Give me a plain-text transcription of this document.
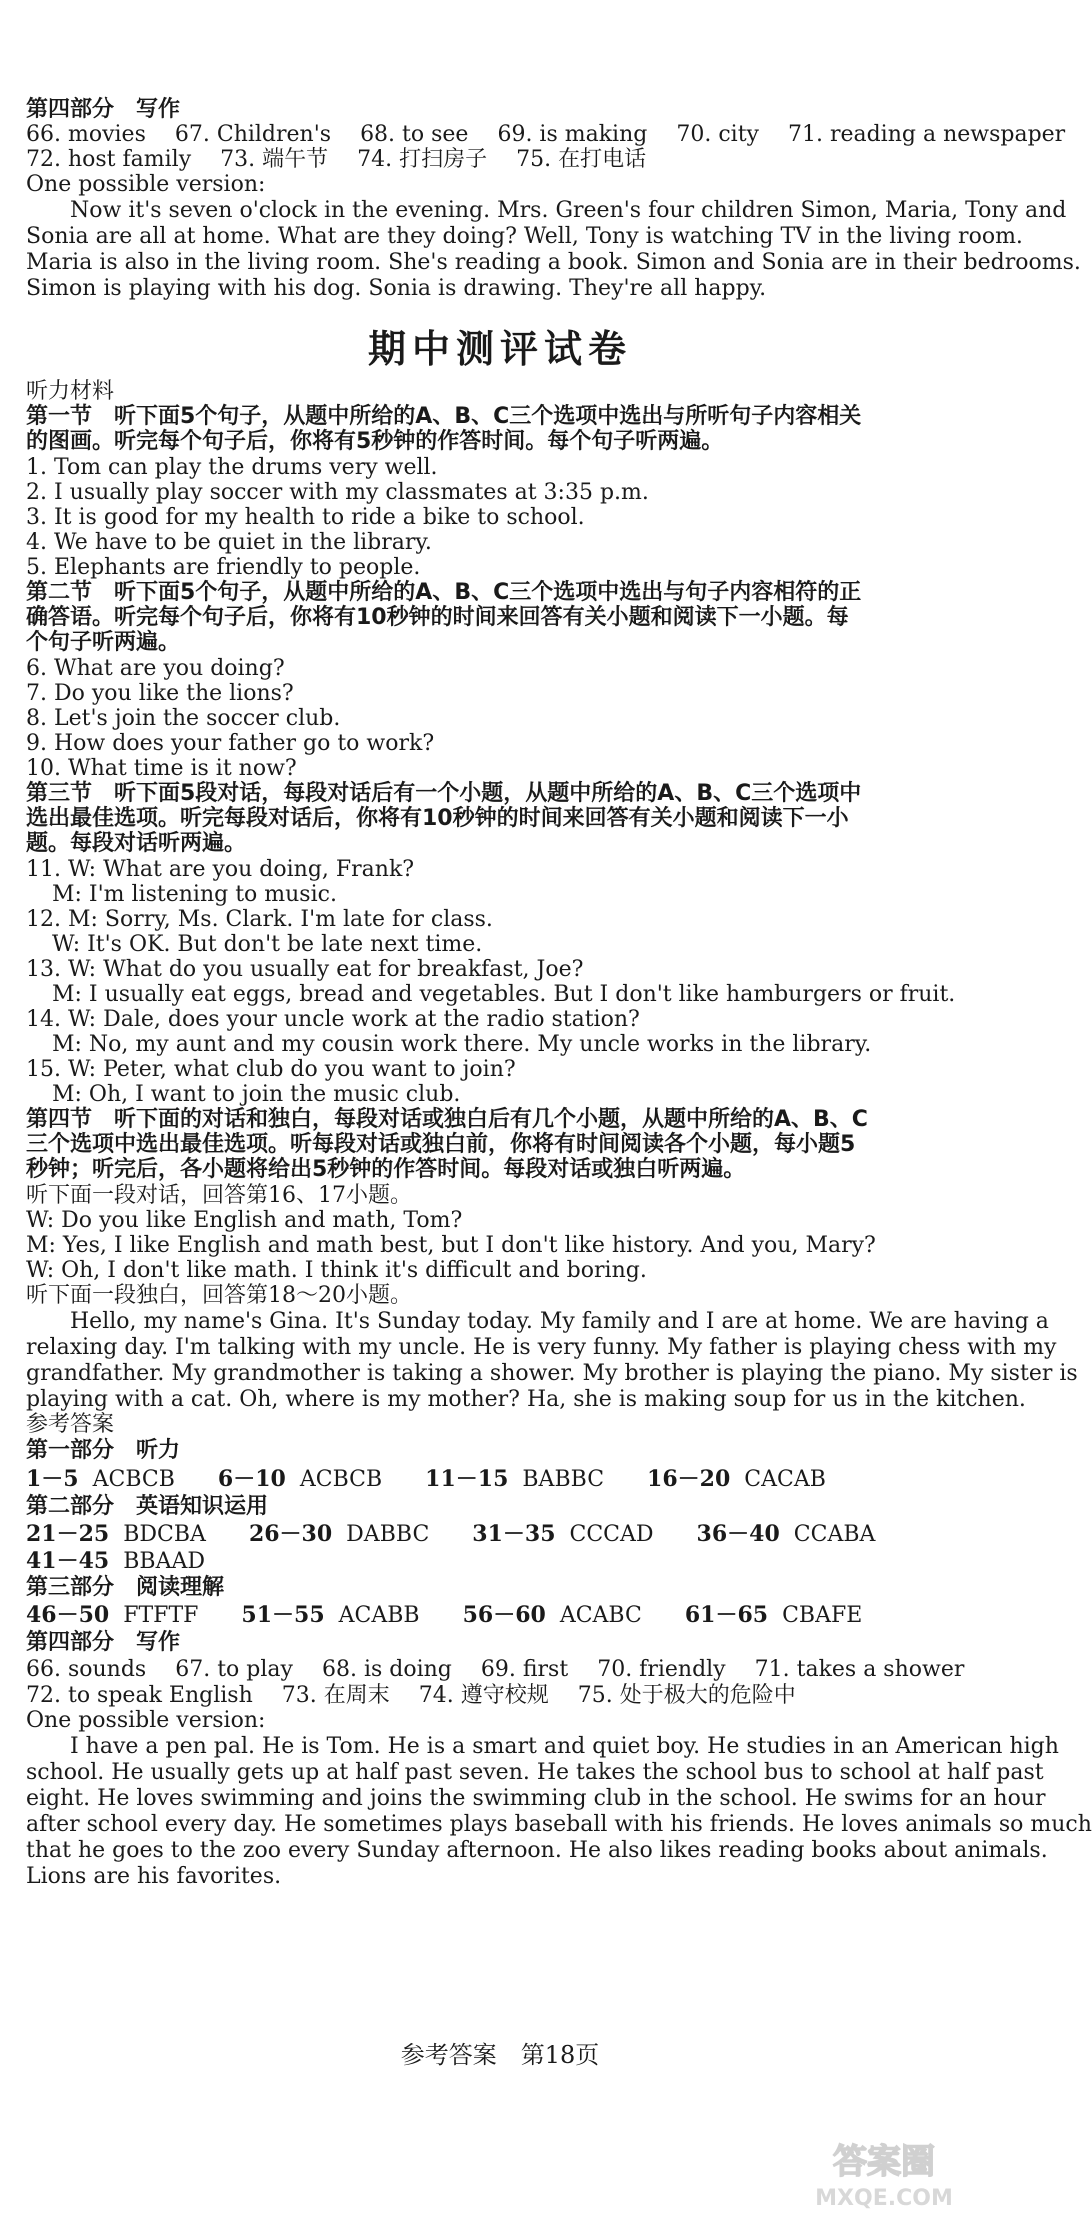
第四部分　写作
66. movies 67. Children's 68. to see 69. is making 70. city 71. reading a newspaper
72. host family 73. 端午节 74. 打扫房子 75. 在打电话
One possible version:
Now it's seven o'clock in the evening. Mrs. Green's four children Simon, Maria, Tony and
Sonia are all at home. What are they doing? Well, Tony is watching TV in the living room.
Maria is also in the living room. She's reading a book. Simon and Sonia are in their bedrooms.
Simon is playing with his dog. Sonia is drawing. They're all happy.
期中测评试卷
听力材料
第一节　听下面5个句子，从题中所给的A、B、C三个选项中选出与所听句子内容相关
的图画。听完每个句子后，你将有5秒钟的作答时间。每个句子听两遍。
1. Tom can play the drums very well.
2. I usually play soccer with my classmates at 3:35 p.m.
3. It is good for my health to ride a bike to school.
4. We have to be quiet in the library.
5. Elephants are friendly to people.
第二节　听下面5个句子，从题中所给的A、B、C三个选项中选出与句子内容相符的正
确答语。听完每个句子后，你将有10秒钟的时间来回答有关小题和阅读下一小题。每
个句子听两遍。
6. What are you doing?
7. Do you like the lions?
8. Let's join the soccer club.
9. How does your father go to work?
10. What time is it now?
第三节　听下面5段对话，每段对话后有一个小题，从题中所给的A、B、C三个选项中
选出最佳选项。听完每段对话后，你将有10秒钟的时间来回答有关小题和阅读下一小
题。每段对话听两遍。
11. W: What are you doing, Frank?
M: I'm listening to music.
12. M: Sorry, Ms. Clark. I'm late for class.
W: It's OK. But don't be late next time.
13. W: What do you usually eat for breakfast, Joe?
M: I usually eat eggs, bread and vegetables. But I don't like hamburgers or fruit.
14. W: Dale, does your uncle work at the radio station?
M: No, my aunt and my cousin work there. My uncle works in the library.
15. W: Peter, what club do you want to join?
M: Oh, I want to join the music club.
第四节　听下面的对话和独白，每段对话或独白后有几个小题，从题中所给的A、B、C
三个选项中选出最佳选项。听每段对话或独白前，你将有时间阅读各个小题，每小题5
秒钟；听完后，各小题将给出5秒钟的作答时间。每段对话或独白听两遍。
听下面一段对话，回答第16、17小题。
W: Do you like English and math, Tom?
M: Yes, I like English and math best, but I don't like history. And you, Mary?
W: Oh, I don't like math. I think it's difficult and boring.
听下面一段独白，回答第18～20小题。
Hello, my name's Gina. It's Sunday today. My family and I are at home. We are having a
relaxing day. I'm talking with my uncle. He is very funny. My father is playing chess with my
grandfather. My grandmother is taking a shower. My brother is playing the piano. My sister is
playing with a cat. Oh, where is my mother? Ha, she is making soup for us in the kitchen.
参考答案
第一部分　听力
1－5 ACBCB 6－10 ACBCB 11－15 BABBC 16－20 CACAB
第二部分　英语知识运用
21－25 BDCBA 26－30 DABBC 31－35 CCCAD 36－40 CCABA
41－45 BBAAD
第三部分　阅读理解
46－50 FTFTF 51－55 ACABB 56－60 ACABC 61－65 CBAFE
第四部分　写作
66. sounds 67. to play 68. is doing 69. first 70. friendly 71. takes a shower
72. to speak English 73. 在周末 74. 遵守校规 75. 处于极大的危险中
One possible version:
I have a pen pal. He is Tom. He is a smart and quiet boy. He studies in an American high
school. He usually gets up at half past seven. He takes the school bus to school at half past
eight. He loves swimming and joins the swimming club in the school. He swims for an hour
after school every day. He sometimes plays baseball with his friends. He loves animals so much
that he goes to the zoo every Sunday afternoon. He also likes reading books about animals.
Lions are his favorites.
参考答案　第18页
答案圈
MXQE.COM
